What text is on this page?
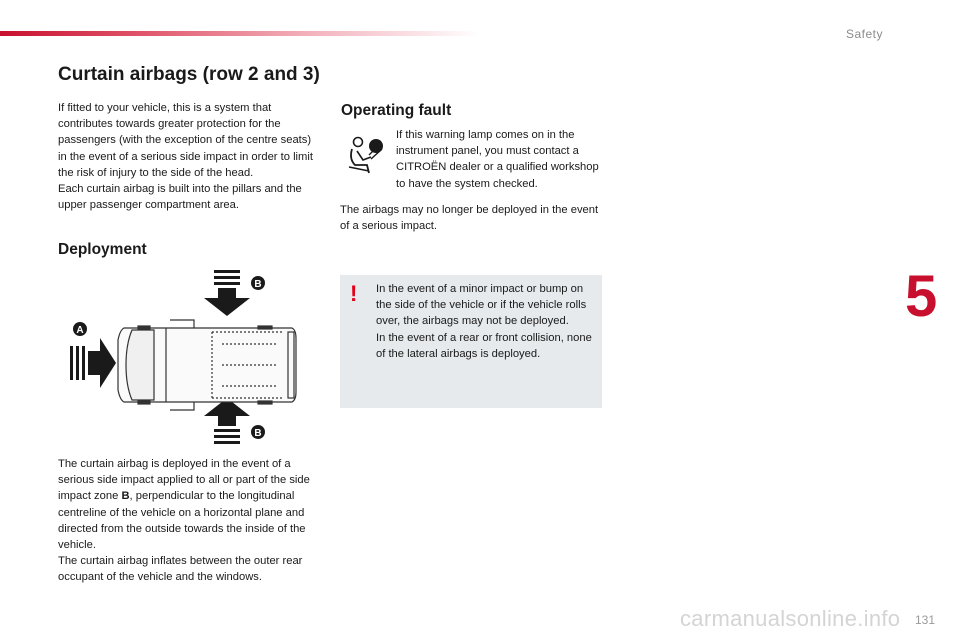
Safety
5
Curtain airbags (row 2 and 3)

If fitted to your vehicle, this is a system that contributes towards greater protection for the passengers (with the exception of the centre seats) in the event of a serious side impact in order to limit the risk of injury to the side of the head.

Each curtain airbag is built into the pillars and the upper passenger compartment area.

Deployment
B
B
A

The curtain airbag is deployed in the event of a serious side impact applied to all or part of the side impact zone B, perpendicular to the longitudinal centreline of the vehicle on a horizontal plane and directed from the outside towards the inside of the vehicle.

The curtain airbag inflates between the outer rear occupant of the vehicle and the windows.

Operating fault
If this warning lamp comes on in the instrument panel, you must contact a CITROËN dealer or a qualified workshop to have the system checked.
The airbags may no longer be deployed in the event of a serious impact.
! In the event of a minor impact or bump on the side of the vehicle or if the vehicle rolls over, the airbags may not be deployed.

In the event of a rear or front collision, none of the lateral airbags is deployed.

carmanualsonline.info 131
